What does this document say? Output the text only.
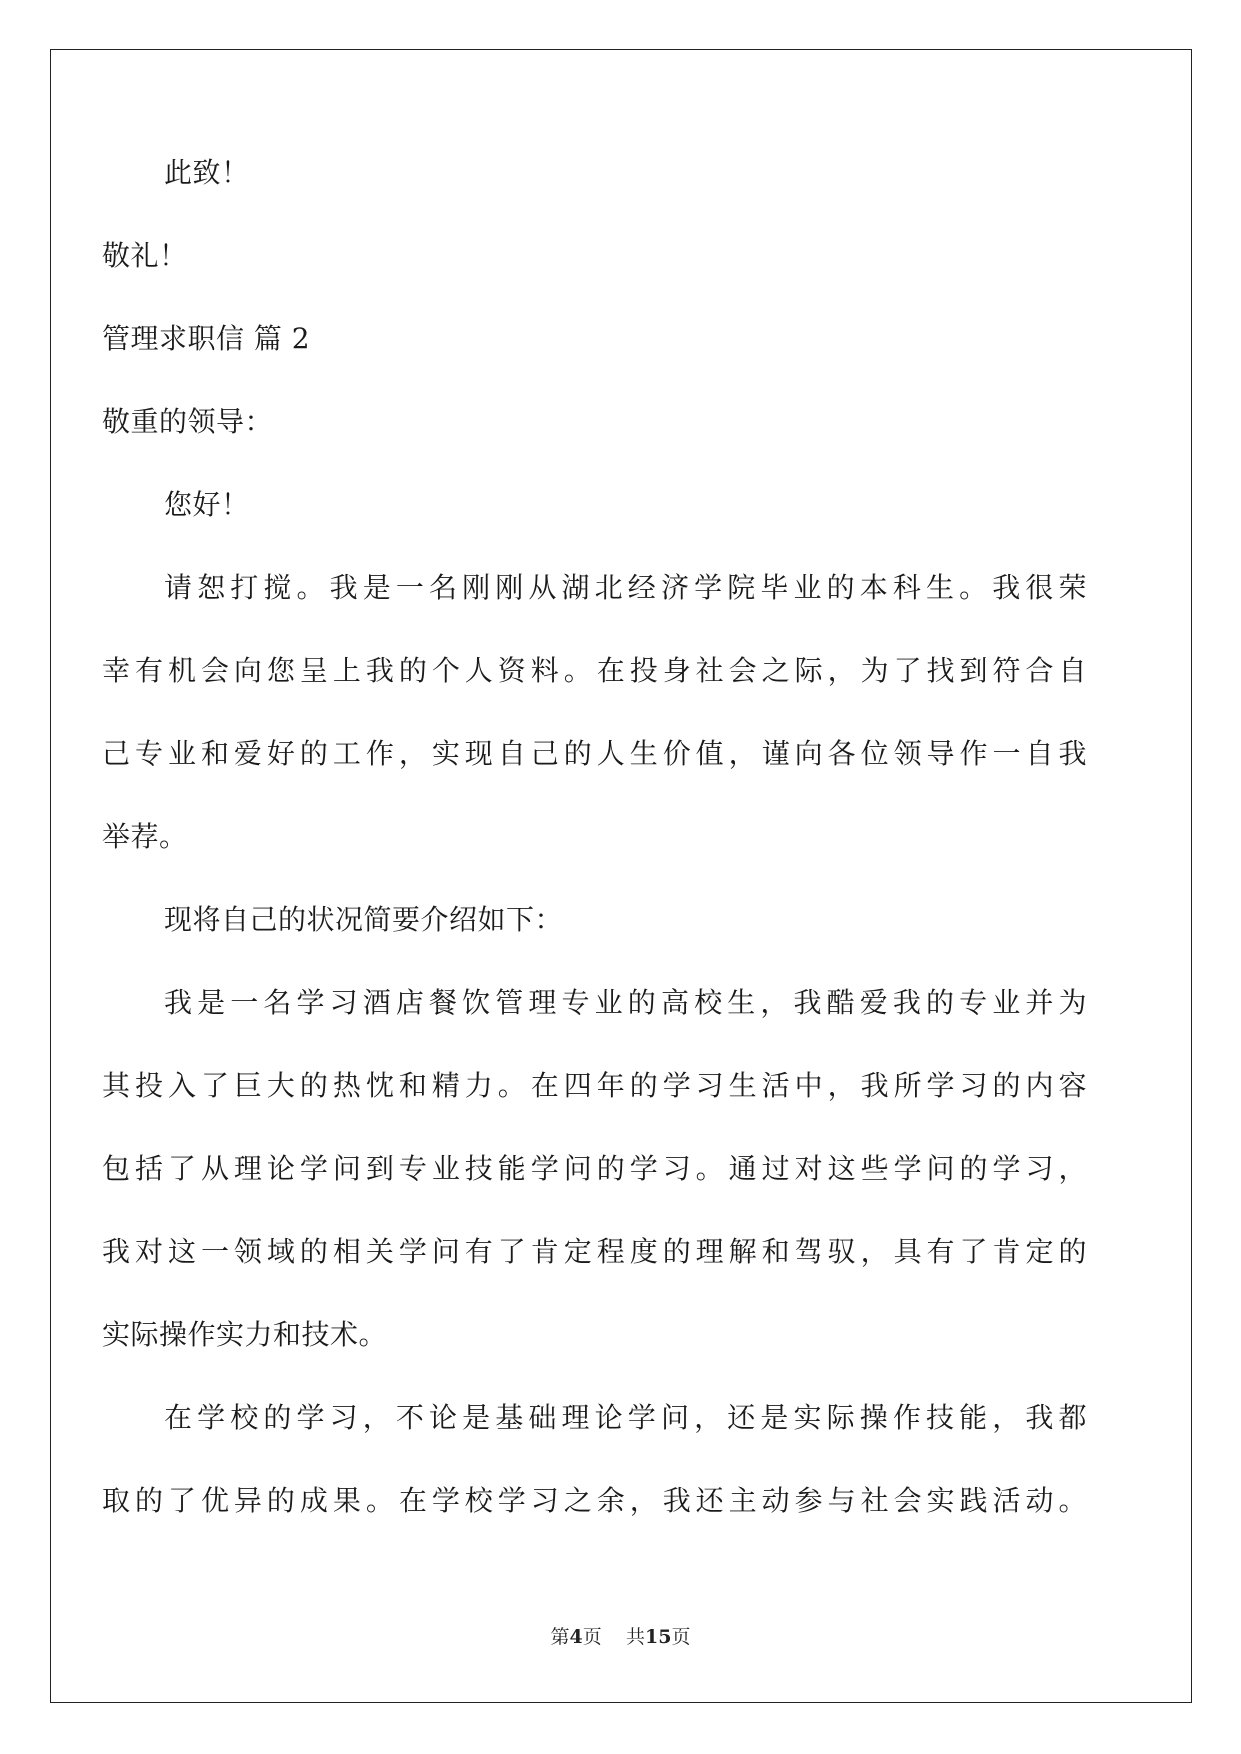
此致！
敬礼！
管理求职信 篇 2
敬重的领导：
您好！
请恕打搅。我是一名刚刚从湖北经济学院毕业的本科生。我很荣
幸有机会向您呈上我的个人资料。在投身社会之际，为了找到符合自
己专业和爱好的工作，实现自己的人生价值，谨向各位领导作一自我
举荐。
现将自己的状况简要介绍如下：
我是一名学习酒店餐饮管理专业的高校生，我酷爱我的专业并为
其投入了巨大的热忱和精力。在四年的学习生活中，我所学习的内容
包括了从理论学问到专业技能学问的学习。通过对这些学问的学习，
我对这一领域的相关学问有了肯定程度的理解和驾驭，具有了肯定的
实际操作实力和技术。
在学校的学习，不论是基础理论学问，还是实际操作技能，我都
取的了优异的成果。在学校学习之余，我还主动参与社会实践活动。
第4页 共15页
